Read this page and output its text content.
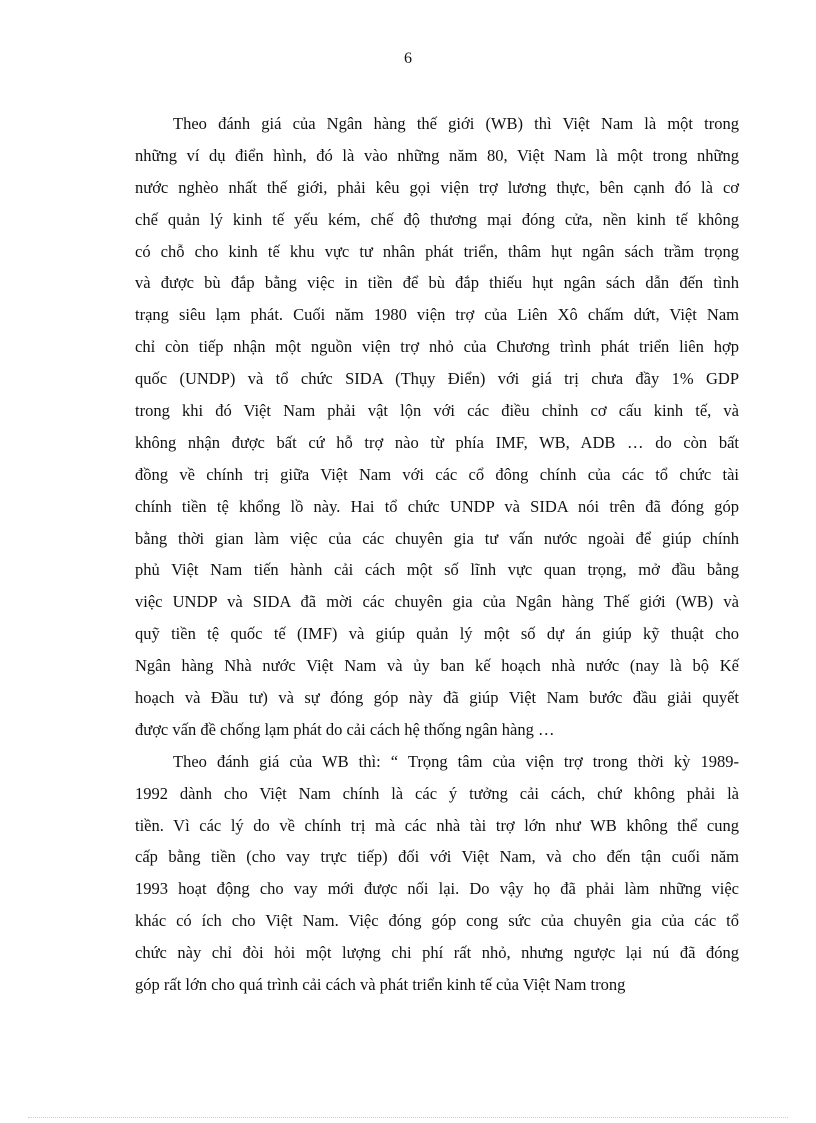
6

Theo đánh giá của Ngân hàng thế giới (WB) thì Việt Nam là một trong
những ví dụ điển hình, đó là vào những năm 80, Việt Nam là một trong những
nước nghèo nhất thế giới, phải kêu gọi viện trợ lương thực, bên cạnh đó là cơ
chế quản lý kinh tế yếu kém, chế độ thương mại đóng cửa, nền kinh tế không
có chỗ cho kinh tế khu vực tư nhân phát triển, thâm hụt ngân sách trầm trọng
và được bù đắp bằng việc in tiền để bù đắp thiếu hụt ngân sách dẫn đến tình
trạng siêu lạm phát. Cuối năm 1980 viện trợ của Liên Xô chấm dứt, Việt Nam
chỉ còn tiếp nhận một nguồn viện trợ nhỏ của Chương trình phát triển liên hợp
quốc (UNDP) và tổ chức SIDA (Thụy Điển) với giá trị chưa đầy 1% GDP
trong khi đó Việt Nam phải vật lộn với các điều chỉnh cơ cấu kinh tế, và
không nhận được bất cứ hỗ trợ nào từ phía IMF, WB, ADB … do còn bất
đồng về chính trị giữa Việt Nam với các cổ đông chính của các tổ chức tài
chính tiền tệ khổng lồ này. Hai tổ chức UNDP và SIDA nói trên đã đóng góp
bằng thời gian làm việc của các chuyên gia tư vấn nước ngoài để giúp chính
phủ Việt Nam tiến hành cải cách một số lĩnh vực quan trọng, mở đầu bằng
việc UNDP và SIDA đã mời các chuyên gia của Ngân hàng Thế giới (WB) và
quỹ tiền tệ quốc tế (IMF) và giúp quản lý một số dự án giúp kỹ thuật cho
Ngân hàng Nhà nước Việt Nam và ủy ban kế hoạch nhà nước (nay là bộ Kế
hoạch và Đầu tư) và sự đóng góp này đã giúp Việt Nam bước đầu giải quyết
được vấn đề chống lạm phát do cải cách hệ thống ngân hàng …

Theo đánh giá của WB thì: “ Trọng tâm của viện trợ trong thời kỳ 1989-
1992 dành cho Việt Nam chính là các ý tưởng cải cách, chứ không phải là
tiền. Vì các lý do về chính trị mà các nhà tài trợ lớn như WB không thể cung
cấp bằng tiền (cho vay trực tiếp) đối với Việt Nam, và cho đến tận cuối năm
1993 hoạt động cho vay mới được nối lại. Do vậy họ đã phải làm những việc
khác có ích cho Việt Nam. Việc đóng góp cong sức của chuyên gia của các tổ
chức này chỉ đòi hỏi một lượng chi phí rất nhỏ, nhưng ngược lại nú đã đóng
góp rất lớn cho quá trình cải cách và phát triển kinh tế của Việt Nam trong
